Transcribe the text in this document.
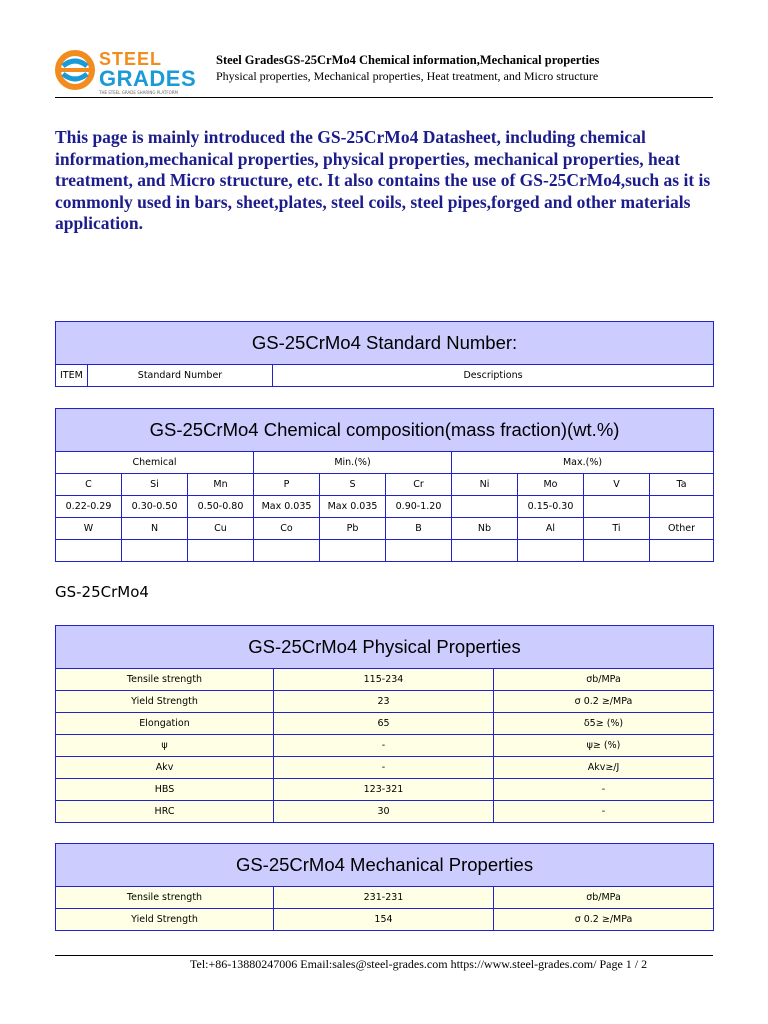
STEEL
GRADES
THE STEEL GRADE SHARING PLATFORM
Steel GradesGS-25CrMo4 Chemical information,Mechanical properties
Physical properties, Mechanical properties, Heat treatment, and Micro structure
This page is mainly introduced the GS-25CrMo4 Datasheet, including chemical information,mechanical properties, physical properties, mechanical properties, heat treatment, and Micro structure, etc. It also contains the use of GS-25CrMo4,such as it is commonly used in bars, sheet,plates, steel coils, steel pipes,forged and other materials application.
GS-25CrMo4 Standard Number:
ITEM	Standard Number	Descriptions
GS-25CrMo4 Chemical composition(mass fraction)(wt.%)									
Chemical			Min.(%)			Max.(%)			
C	Si	Mn	P	S	Cr	Ni	Mo	V	Ta
0.22-0.29	0.30-0.50	0.50-0.80	Max 0.035	Max 0.035	0.90-1.20		0.15-0.30		
W	N	Cu	Co	Pb	B	Nb	Al	Ti	Other

GS-25CrMo4
GS-25CrMo4 Physical Properties		
Tensile strength	115-234	σb/MPa
Yield Strength	23	σ 0.2 ≥/MPa
Elongation	65	δ5≥ (%)
ψ	-	ψ≥ (%)
Akv	-	Akv≥/J
HBS	123-321	-
HRC	30	-
GS-25CrMo4 Mechanical Properties		
Tensile strength	231-231	σb/MPa
Yield Strength	154	σ 0.2 ≥/MPa
Tel:+86-13880247006 Email:sales@steel-grades.com https://www.steel-grades.com/ Page 1 / 2
